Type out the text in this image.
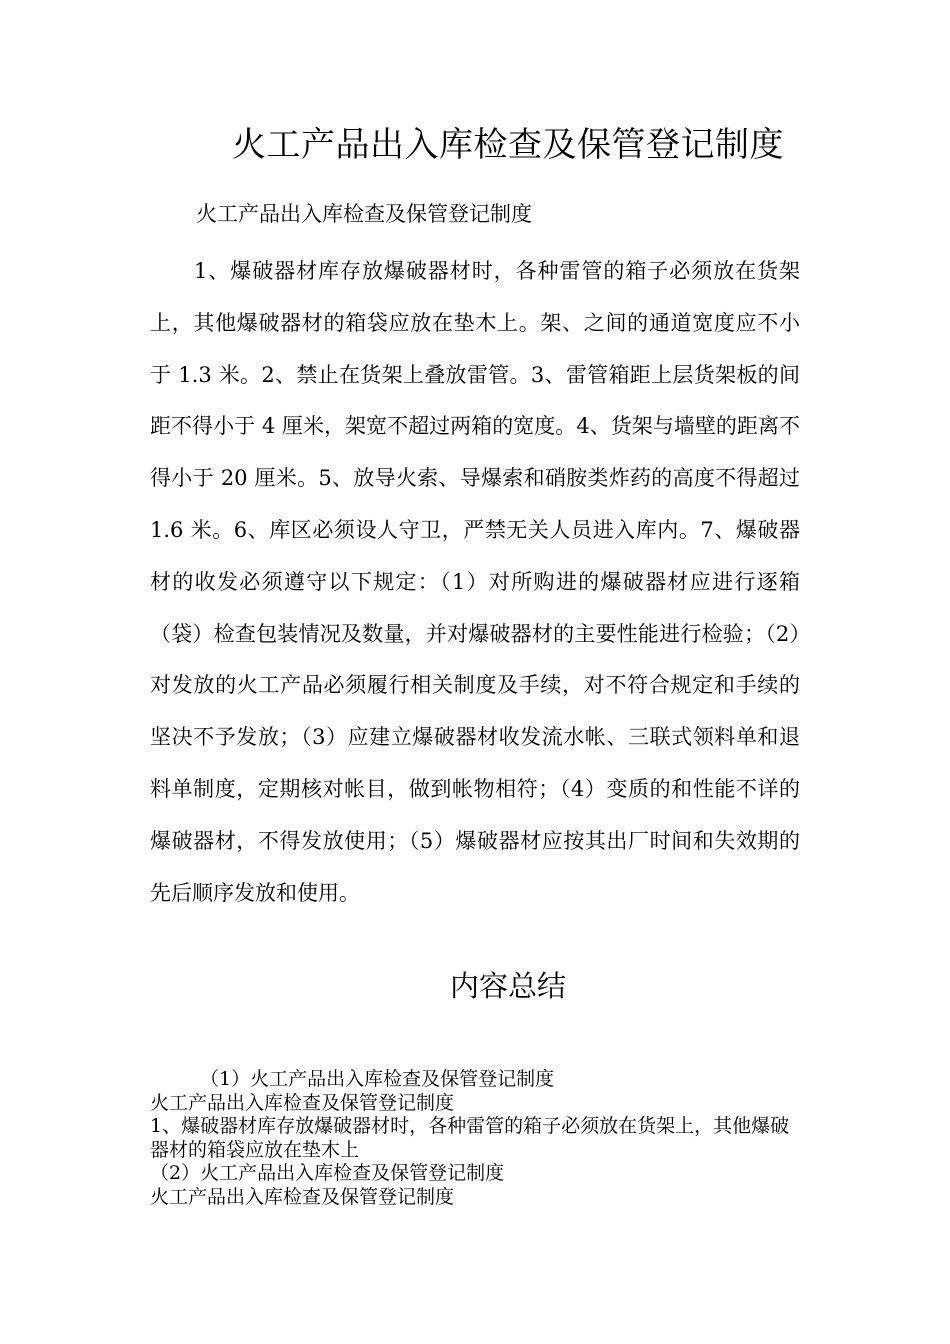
火工产品出入库检查及保管登记制度

火工产品出入库检查及保管登记制度

1、爆破器材库存放爆破器材时，各种雷管的箱子必须放在货架上，其他爆破器材的箱袋应放在垫木上。架、之间的通道宽度应不小于 1.3 米。2、禁止在货架上叠放雷管。3、雷管箱距上层货架板的间距不得小于 4 厘米，架宽不超过两箱的宽度。4、货架与墙壁的距离不得小于 20 厘米。5、放导火索、导爆索和硝胺类炸药的高度不得超过 1.6 米。6、库区必须设人守卫，严禁无关人员进入库内。7、爆破器材的收发必须遵守以下规定：（1）对所购进的爆破器材应进行逐箱（袋）检查包装情况及数量，并对爆破器材的主要性能进行检验；（2）对发放的火工产品必须履行相关制度及手续，对不符合规定和手续的坚决不予发放；（3）应建立爆破器材收发流水帐、三联式领料单和退料单制度，定期核对帐目，做到帐物相符；（4）变质的和性能不详的爆破器材，不得发放使用；（5）爆破器材应按其出厂时间和失效期的先后顺序发放和使用。

内容总结
（1）火工产品出入库检查及保管登记制度
火工产品出入库检查及保管登记制度
1、爆破器材库存放爆破器材时，各种雷管的箱子必须放在货架上，其他爆破器材的箱袋应放在垫木上
（2）火工产品出入库检查及保管登记制度
火工产品出入库检查及保管登记制度
